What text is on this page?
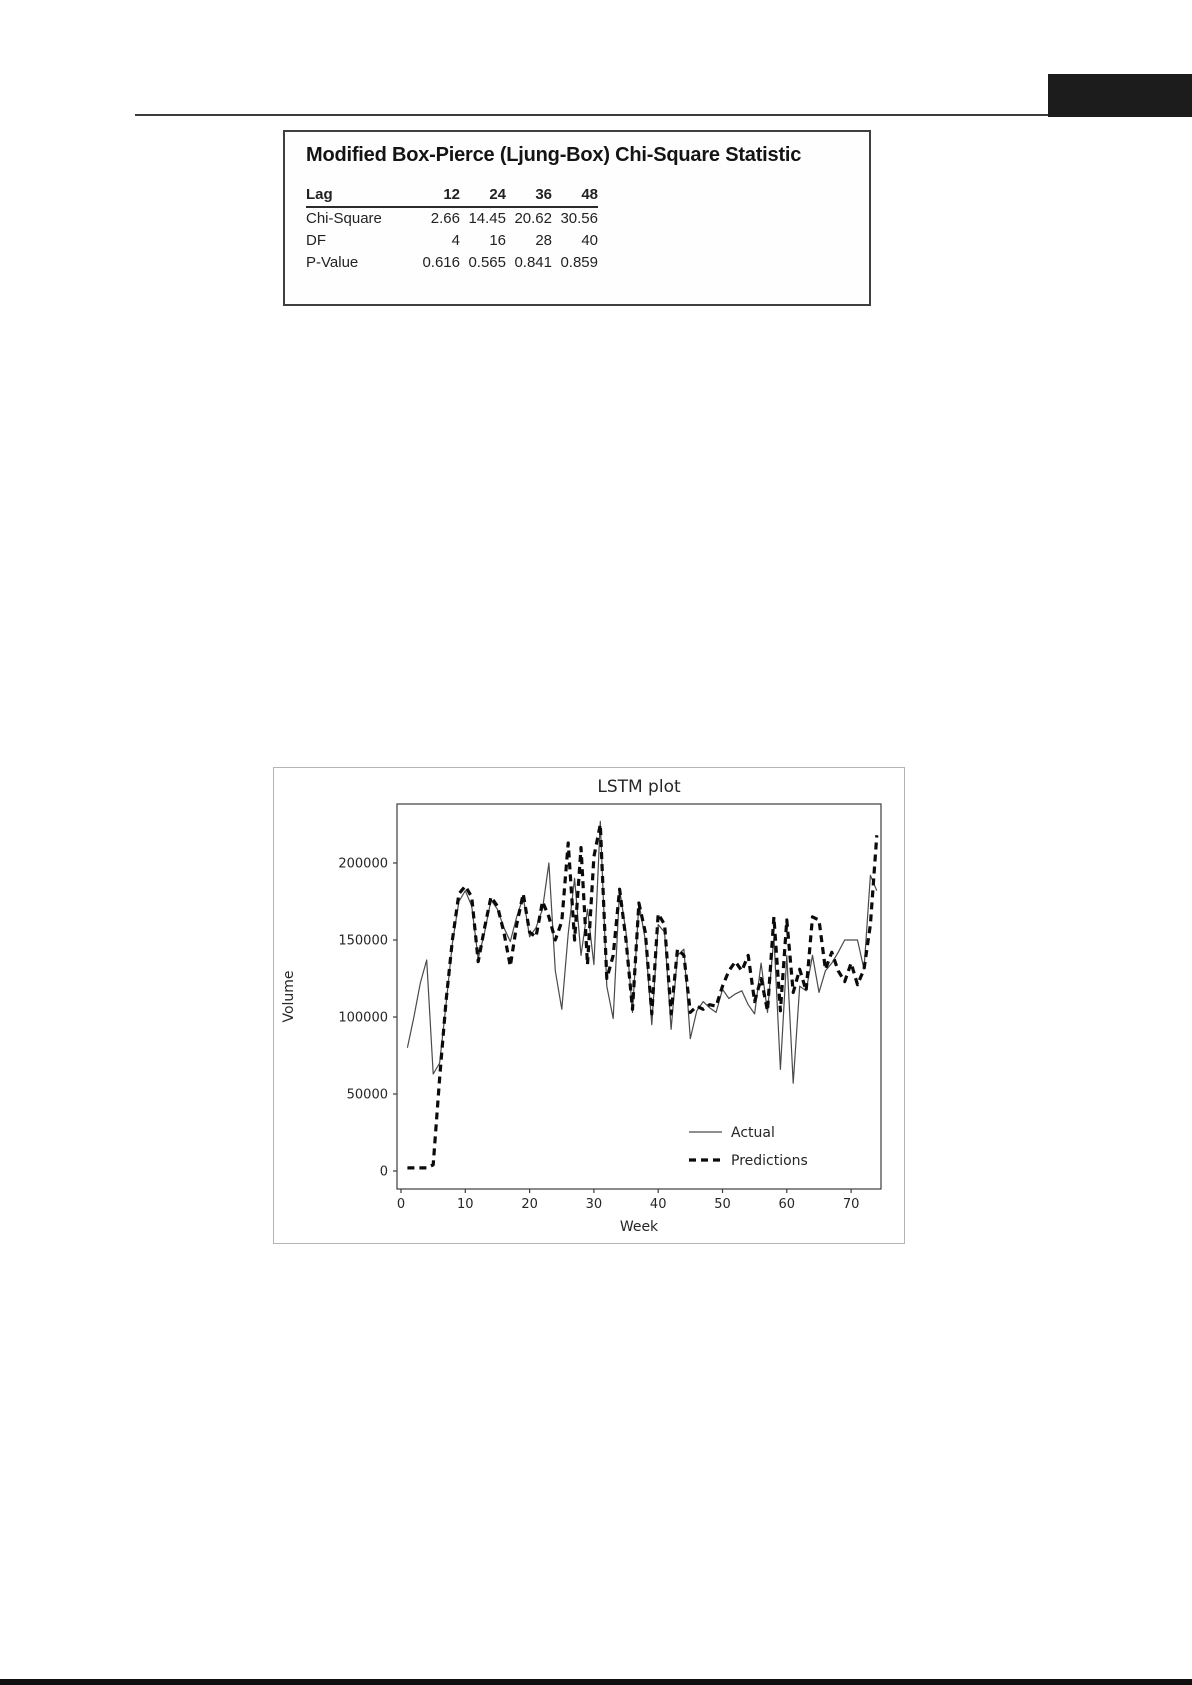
Modified Box-Pierce (Ljung-Box) Chi-Square Statistic
Lag	12	24	36	48
Chi-Square	2.66	14.45	20.62	30.56
DF	4	16	28	40
P-Value	0.616	0.565	0.841	0.859
LSTM plot
0
50000
100000
150000
200000
0	10	20	30	40	50	60	70
Volume
Week
Actual
Predictions
